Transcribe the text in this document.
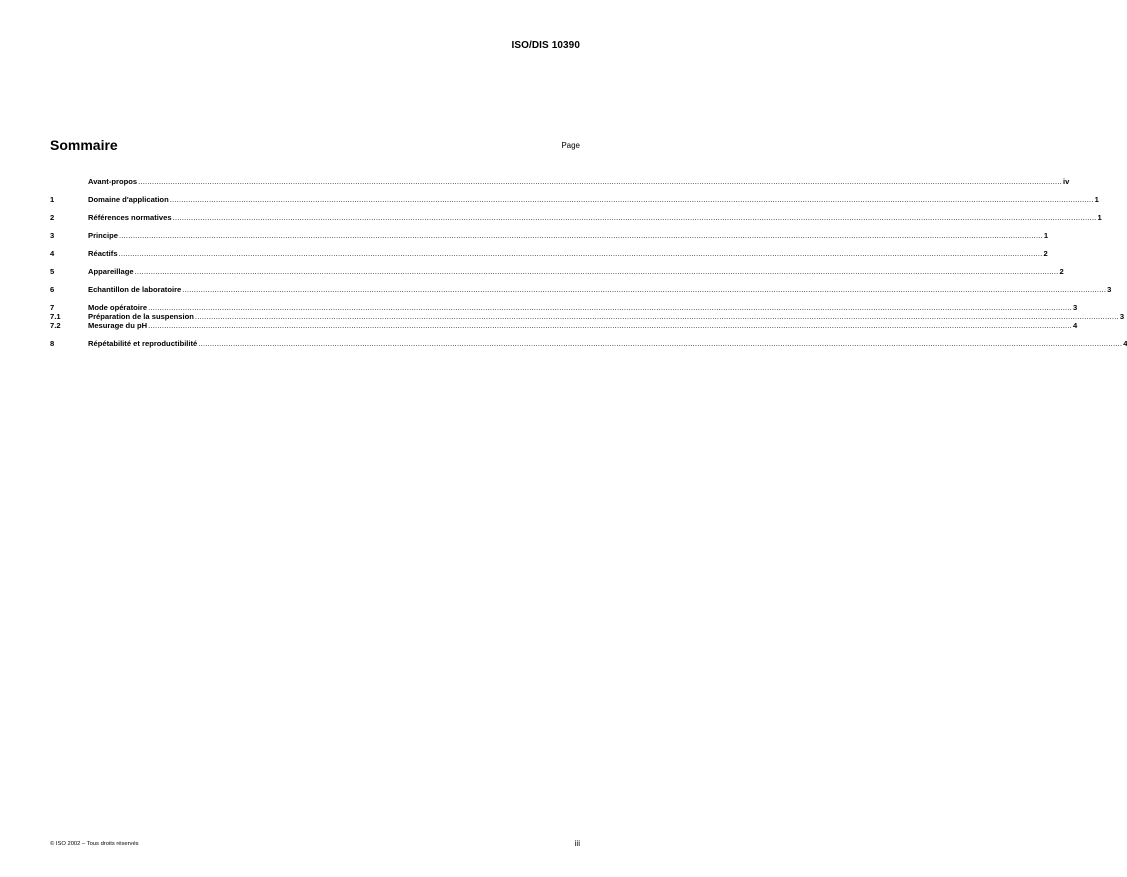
ISO/DIS 10390
Sommaire	Page
Avant-propos ................................................................................................................................................................................................................................................................................................................................................................................................................ iv
1	Domaine d'application ................................................................................................................................................................................................................................................................................................................................................................................................................ 1
2	Références normatives ................................................................................................................................................................................................................................................................................................................................................................................................................ 1
3	Principe ................................................................................................................................................................................................................................................................................................................................................................................................................ 1
4	Réactifs ................................................................................................................................................................................................................................................................................................................................................................................................................ 2
5	Appareillage ................................................................................................................................................................................................................................................................................................................................................................................................................ 2
6	Echantillon de laboratoire ................................................................................................................................................................................................................................................................................................................................................................................................................ 3
7	Mode opératoire ................................................................................................................................................................................................................................................................................................................................................................................................................ 3
7.1	Préparation de la suspension ................................................................................................................................................................................................................................................................................................................................................................................................................ 3
7.2	Mesurage du pH ................................................................................................................................................................................................................................................................................................................................................................................................................ 4
8	Répétabilité et reproductibilité ................................................................................................................................................................................................................................................................................................................................................................................................................ 4
© ISO 2002 – Tous droits réservés	iii
